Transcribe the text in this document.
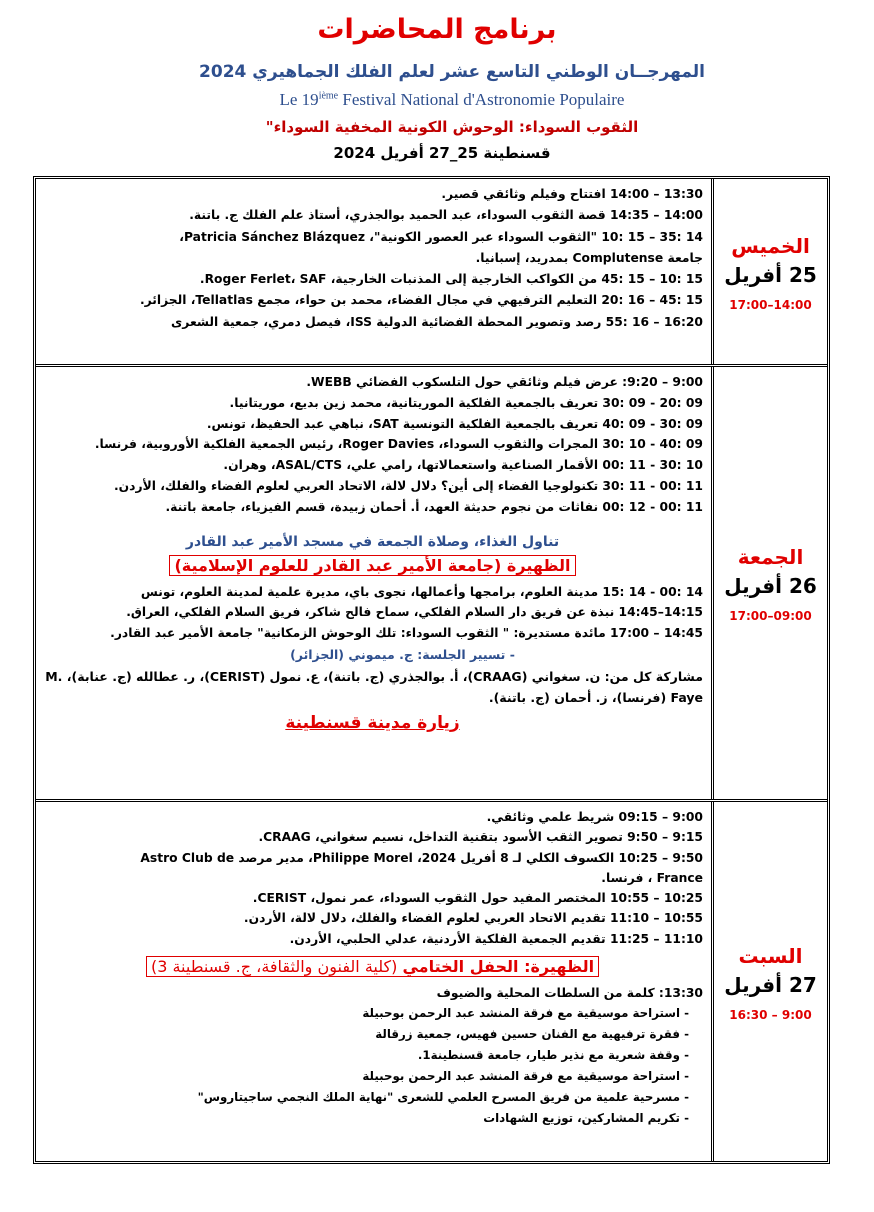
برنامج المحاضرات
المهرجــان الوطني التاسع عشر لعلم الفلك الجماهيري 2024
Le 19ième Festival National d'Astronomie Populaire
الثقوب السوداء: الوحوش الكونية المخفية السوداء"
قسنطينة 25_27 أفريل 2024
الخميس
25 أفريل
17:00–14:00
13:30 – 14:00 افتتاح وفيلم وثائقي قصير.
14:00 – 14:35 قصة الثقوب السوداء، عبد الحميد بوالجذري، أستاذ علم الفلك ج. باتنة.
14 :35 – 15 :10 "الثقوب السوداء عبر العصور الكونية"، Patricia Sánchez Blázquez،
جامعة Complutense بمدريد، إسبانيا.
15 :10 – 15 :45 من الكواكب الخارجية إلى المذنبات الخارجية، Roger Ferlet، SAF.
15 :45 – 16 :20 التعليم الترفيهي في مجال الفضاء، محمد بن حواء، مجمع Tellatlas، الجزائر.
16:20 – 16 :55 رصد وتصوير المحطة الفضائية الدولية ISS، فيصل دمري، جمعية الشعرى
الجمعة
26 أفريل
17:00–09:00
9:00 – 9:20: عرض فيلم وثائقي حول التلسكوب الفضائي WEBB.
09 :20 - 09 :30 تعريف بالجمعية الفلكية الموريتانية، محمد زين بديع، موريتانيا.
09 :30 - 09 :40 تعريف بالجمعية الفلكية التونسية SAT، نباهي عبد الحفيظ، تونس.
09 :40 - 10 :30 المجرات والثقوب السوداء، Roger Davies، رئيس الجمعية الفلكية الأوروبية، فرنسا.
10 :30 - 11 :00 الأقمار الصناعية واستعمالاتها، رامي علي، ASAL/CTS، وهران.
11 :00 - 11 :30 تكنولوجيا الفضاء إلى أين؟ دلال لالة، الاتحاد العربي لعلوم الفضاء والفلك، الأردن.
11 :00 - 12 :00 نفاثات من نجوم حديثة العهد، أ. أحمان زبيدة، قسم الفيزياء، جامعة باتنة.
تناول الغذاء، وصلاة الجمعة في مسجد الأمير عبد القادر
الظهيرة (جامعة الأمير عبد القادر للعلوم الإسلامية)
14 :00 - 14 :15 مدينة العلوم، برامجها وأعمالها، نجوى باي، مديرة علمية لمدينة العلوم، تونس
14:15–14:45 نبذة عن فريق دار السلام الفلكي، سماح فالح شاكر، فريق السلام الفلكي، العراق.
14:45 – 17:00 مائدة مستديرة: " الثقوب السوداء: تلك الوحوش الزمكانية" جامعة الأمير عبد القادر.
- تسيير الجلسة: ج. ميموني (الجزائر)
مشاركة كل من: ن. سغواني (CRAAG)، أ. بوالجذري (ج. باتنة)، ع. نمول (CERIST)، ر. عطالله (ج. عنابة)، M. Faye (فرنسا)، ز. أحمان (ج. باتنة).
زيارة مدينة قسنطينة
السبت
27 أفريل
16:30 – 9:00
9:00 – 09:15 شريط علمي وثائقي.
9:15 – 9:50 تصوير الثقب الأسود بتقنية التداخل، نسيم سغواني، CRAAG.
9:50 – 10:25 الكسوف الكلي لـ 8 أفريل 2024، Philippe Morel، مدير مرصد Astro Club de
France ، فرنسا.
10:25 – 10:55 المختصر المفيد حول الثقوب السوداء، عمر نمول، CERIST.
10:55 – 11:10 تقديم الاتحاد العربي لعلوم الفضاء والفلك، دلال لالة، الأردن.
11:10 – 11:25 تقديم الجمعية الفلكية الأردنية، عدلي الحلبي، الأردن.
الظهيرة: الحفل الختامي (كلية الفنون والثقافة، ج. قسنطينة 3)
13:30: كلمة من السلطات المحلية والضيوف
- استراحة موسيقية مع فرقة المنشد عبد الرحمن بوحبيلة
- فقرة ترفيهية مع الفنان حسين فهيس، جمعية زرقالة
- وقفة شعرية مع نذير طيار، جامعة قسنطينة1.
- استراحة موسيقية مع فرقة المنشد عبد الرحمن بوحبيلة
- مسرحية علمية من فريق المسرح العلمي للشعرى "نهاية الملك النجمي ساجيتاروس"
- تكريم المشاركين، توزيع الشهادات
